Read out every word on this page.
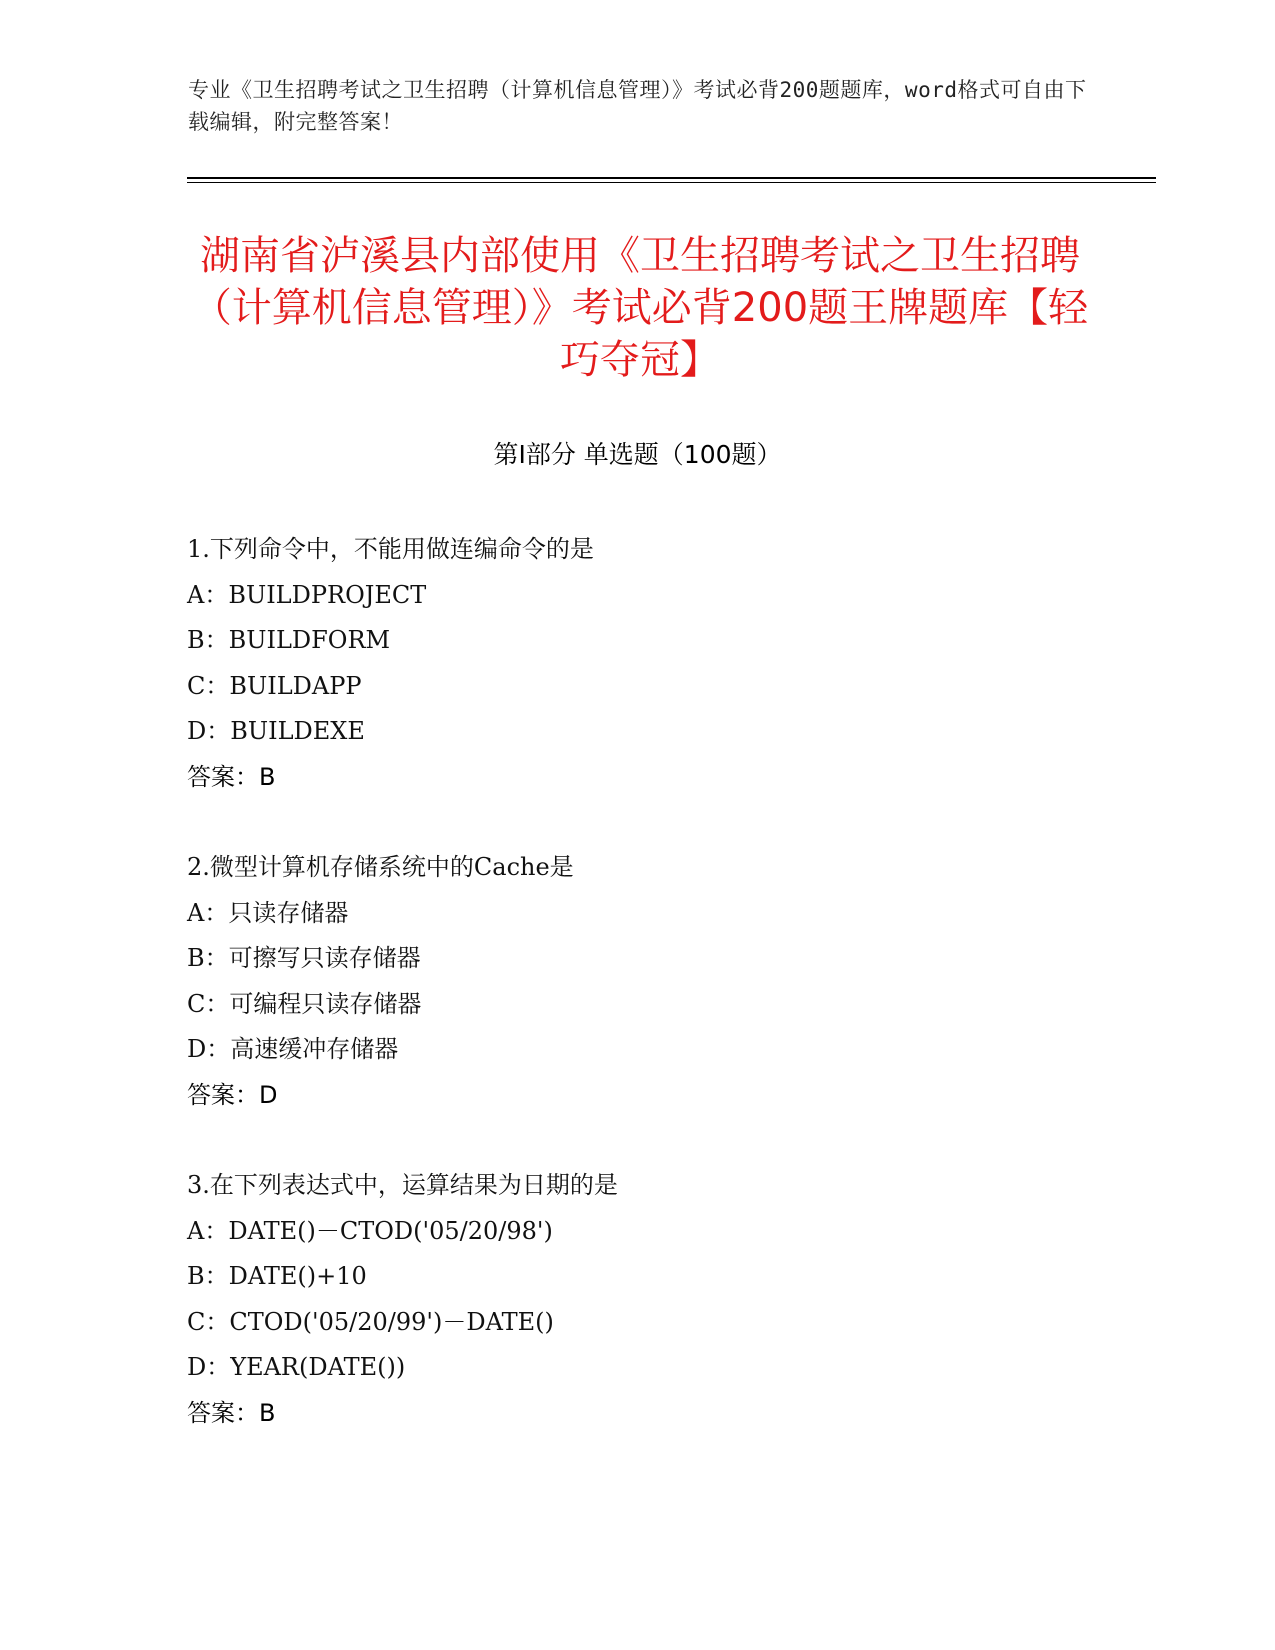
专业《卫生招聘考试之卫生招聘（计算机信息管理）》考试必背200题题库，word格式可自由下载编辑，附完整答案！
湖南省泸溪县内部使用《卫生招聘考试之卫生招聘（计算机信息管理）》考试必背200题王牌题库【轻巧夺冠】
第I部分 单选题（100题）
1.下列命令中，不能用做连编命令的是
A：BUILDPROJECT
B：BUILDFORM
C：BUILDAPP
D：BUILDEXE
答案：B
2.微型计算机存储系统中的Cache是
A：只读存储器
B：可擦写只读存储器
C：可编程只读存储器
D：高速缓冲存储器
答案：D
3.在下列表达式中，运算结果为日期的是
A：DATE()－CTOD('05/20/98')
B：DATE()+10
C：CTOD('05/20/99')－DATE()
D：YEAR(DATE())
答案：B
